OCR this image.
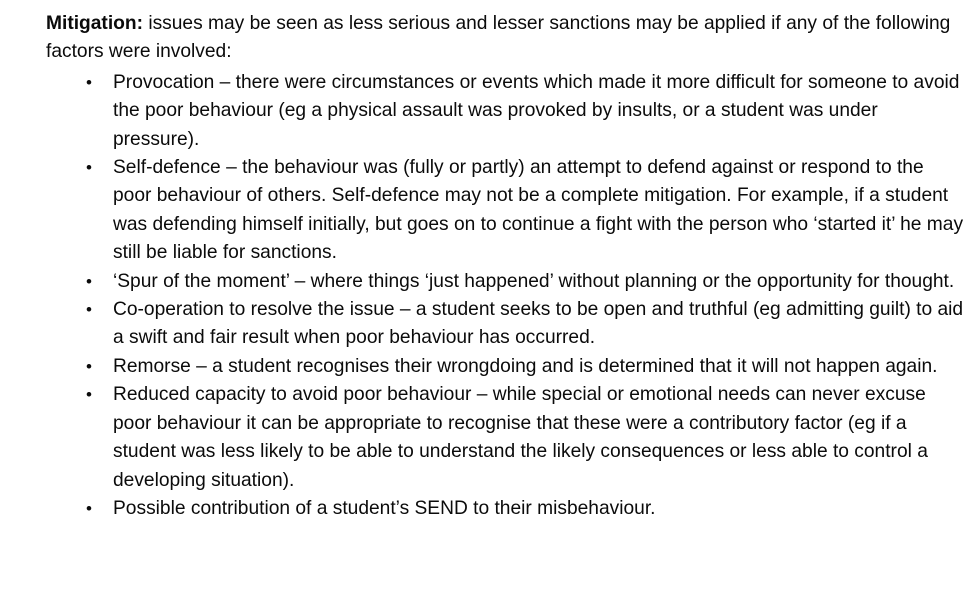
Mitigation: issues may be seen as less serious and lesser sanctions may be applied if any of the following factors were involved:

• Provocation – there were circumstances or events which made it more difficult for someone to avoid the poor behaviour (eg a physical assault was provoked by insults, or a student was under pressure).
• Self-defence – the behaviour was (fully or partly) an attempt to defend against or respond to the poor behaviour of others. Self-defence may not be a complete mitigation. For example, if a student was defending himself initially, but goes on to continue a fight with the person who ‘started it’ he may still be liable for sanctions.
• ‘Spur of the moment’ – where things ‘just happened’ without planning or the opportunity for thought.
• Co-operation to resolve the issue – a student seeks to be open and truthful (eg admitting guilt) to aid a swift and fair result when poor behaviour has occurred.
• Remorse – a student recognises their wrongdoing and is determined that it will not happen again.
• Reduced capacity to avoid poor behaviour – while special or emotional needs can never excuse poor behaviour it can be appropriate to recognise that these were a contributory factor (eg if a student was less likely to be able to understand the likely consequences or less able to control a developing situation).
• Possible contribution of a student’s SEND to their misbehaviour.
